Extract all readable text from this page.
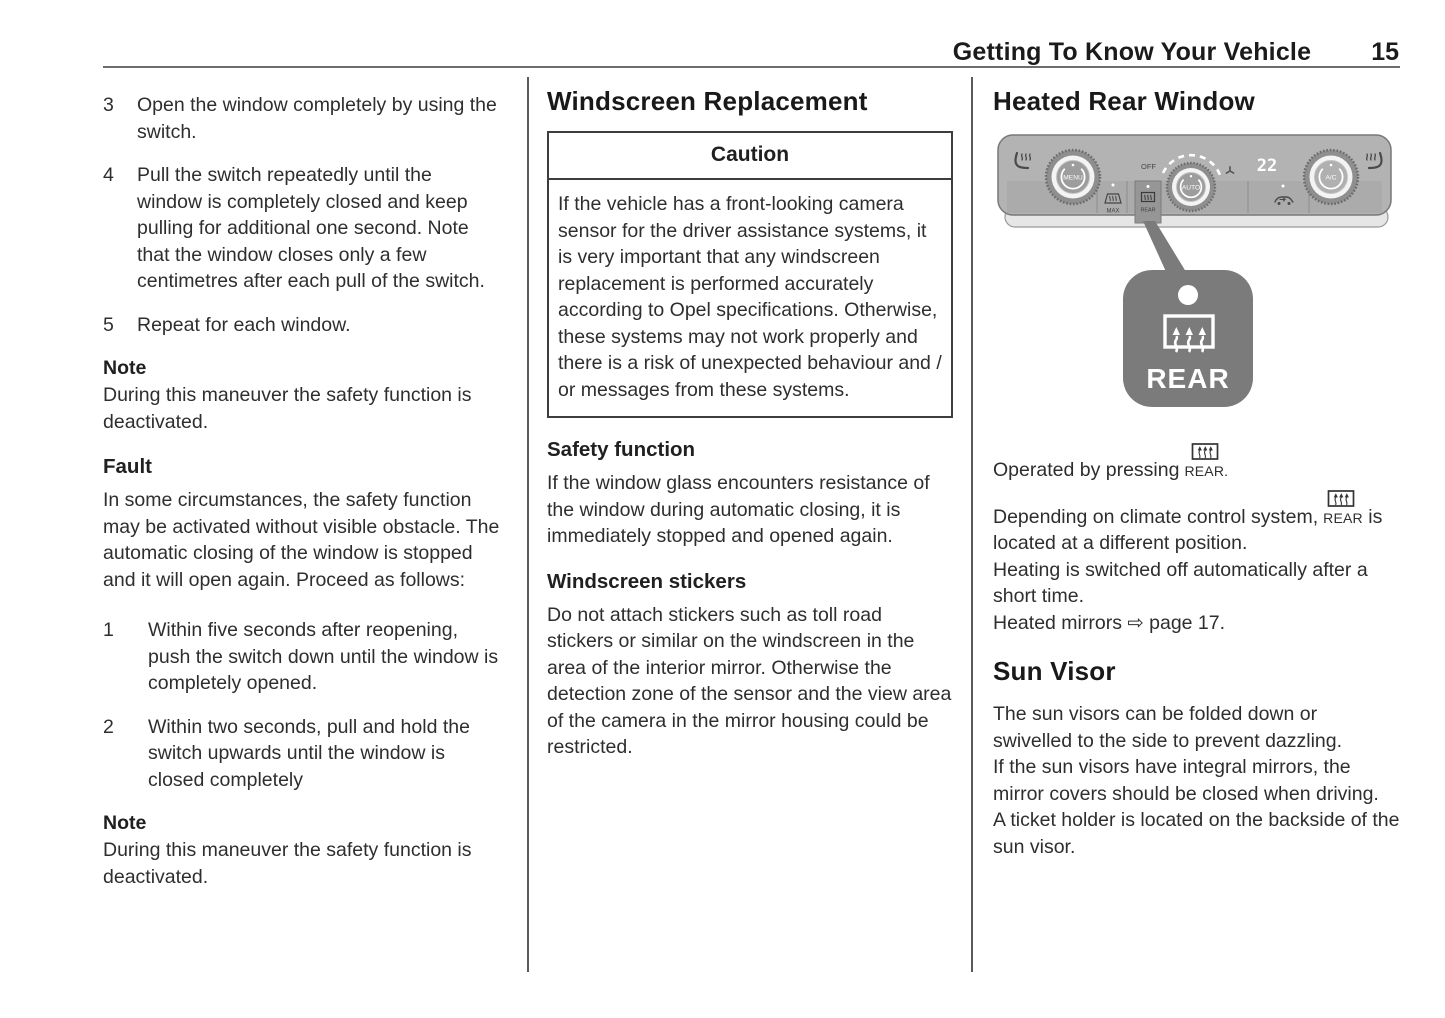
Getting To Know Your Vehicle 15
3	Open the window completely by using the switch.
4	Pull the switch repeatedly until the window is completely closed and keep pulling for additional one second. Note that the window closes only a few centimetres after each pull of the switch.
5	Repeat for each window.
Note
During this maneuver the safety function is deactivated.
Fault
In some circumstances, the safety function may be activated without visible obstacle. The automatic closing of the window is stopped and it will open again. Proceed as follows:
1	Within five seconds after reopening, push the switch down until the window is completely opened.
2	Within two seconds, pull and hold the switch upwards until the window is closed completely
Note
During this maneuver the safety function is deactivated.
Windscreen Replacement
Caution
If the vehicle has a front-looking camera sensor for the driver assistance systems, it is very important that any windscreen replacement is performed accurately according to Opel specifications. Otherwise, these systems may not work properly and there is a risk of unexpected behaviour and / or messages from these systems.
Safety function
If the window glass encounters resistance of the window during automatic closing, it is immediately stopped and opened again.
Windscreen stickers
Do not attach stickers such as toll road stickers or similar on the windscreen in the area of the interior mirror. Otherwise the detection zone of the sensor and the view area of the camera in the mirror housing could be restricted.
Heated Rear Window
MENU
MAX	REAR
OFF
AUTO
22
A/C
REAR
Operated by pressing REAR.
Depending on climate control system, REAR is located at a different position.
Heating is switched off automatically after a short time.
Heated mirrors ⇨ page 17.
Sun Visor
The sun visors can be folded down or swivelled to the side to prevent dazzling.
If the sun visors have integral mirrors, the mirror covers should be closed when driving.
A ticket holder is located on the backside of the sun visor.
